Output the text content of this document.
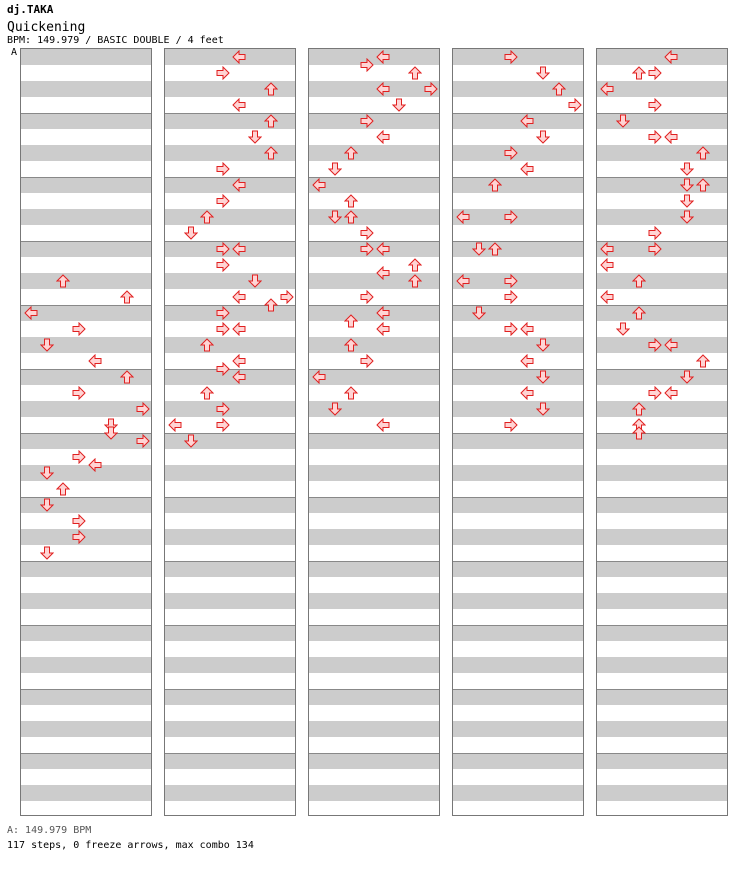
dj.TAKA
Quickening
BPM: 149.979 / BASIC DOUBLE / 4 feet
A
A: 149.979 BPM
117 steps, 0 freeze arrows, max combo 134
